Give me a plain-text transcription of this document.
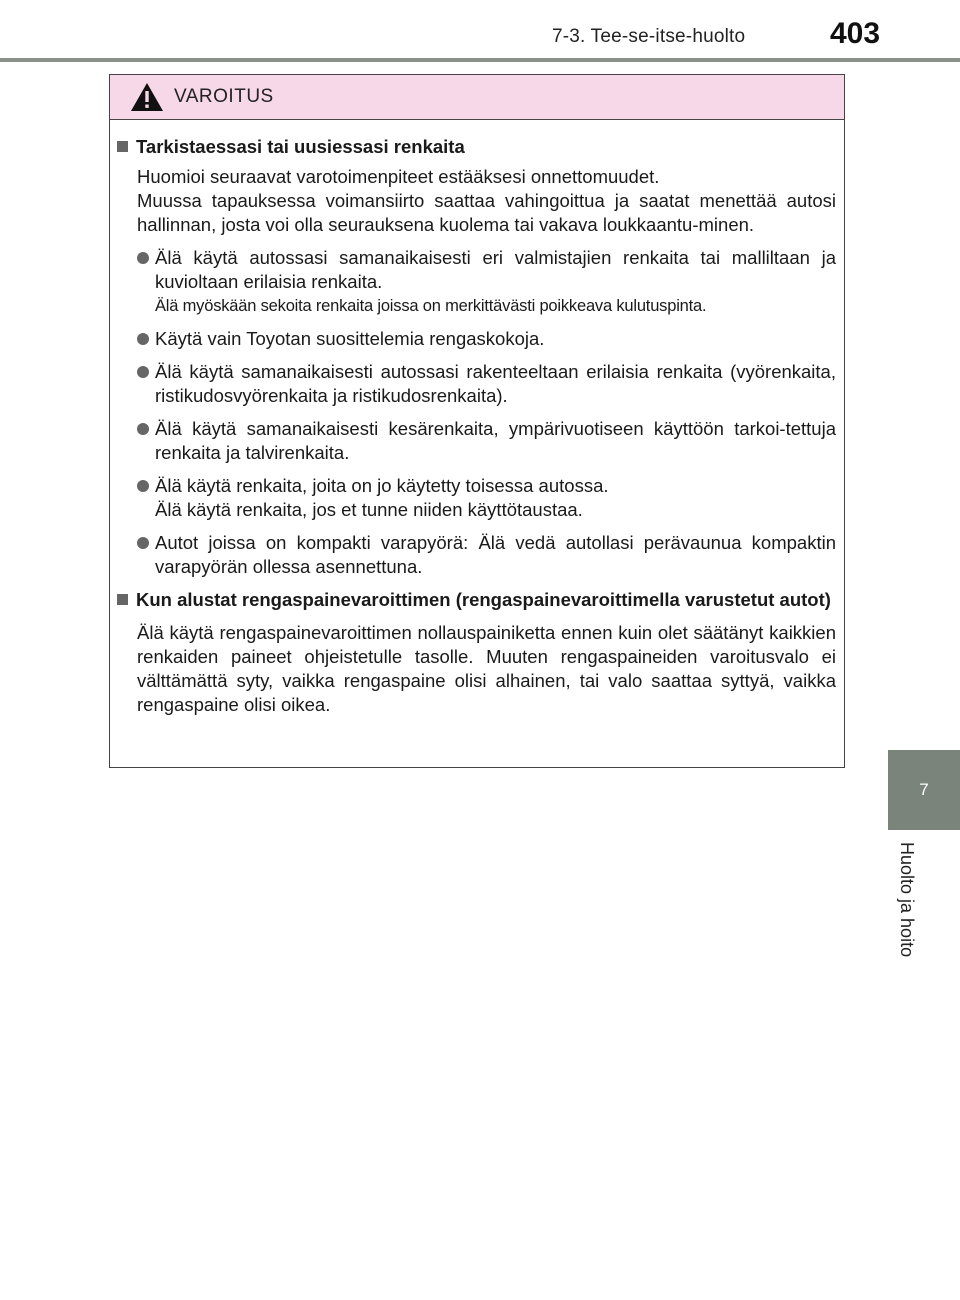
7-3. Tee-se-itse-huolto	403
7
Huolto ja hoito
VAROITUS
Tarkistaessasi tai uusiessasi renkaita

Huomioi seuraavat varotoimenpiteet estääksesi onnettomuudet.

Muussa tapauksessa voimansiirto saattaa vahingoittua ja saatat menettää autosi hallinnan, josta voi olla seurauksena kuolema tai vakava loukkaantu-minen.

Älä käytä autossasi samanaikaisesti eri valmistajien renkaita tai malliltaan ja kuvioltaan erilaisia renkaita.
Älä myöskään sekoita renkaita joissa on merkittävästi poikkeava kulutuspinta.
Käytä vain Toyotan suosittelemia rengaskokoja.
Älä käytä samanaikaisesti autossasi rakenteeltaan erilaisia renkaita (vyörenkaita, ristikudosvyörenkaita ja ristikudosrenkaita).
Älä käytä samanaikaisesti kesärenkaita, ympärivuotiseen käyttöön tarkoi-tettuja renkaita ja talvirenkaita.
Älä käytä renkaita, joita on jo käytetty toisessa autossa.
Älä käytä renkaita, jos et tunne niiden käyttötaustaa.
Autot joissa on kompakti varapyörä: Älä vedä autollasi perävaunua kompaktin varapyörän ollessa asennettuna.
Kun alustat rengaspainevaroittimen (rengaspainevaroittimella varustetut autot)

Älä käytä rengaspainevaroittimen nollauspainiketta ennen kuin olet säätänyt kaikkien renkaiden paineet ohjeistetulle tasolle. Muuten rengaspaineiden varoitusvalo ei välttämättä syty, vaikka rengaspaine olisi alhainen, tai valo saattaa syttyä, vaikka rengaspaine olisi oikea.
